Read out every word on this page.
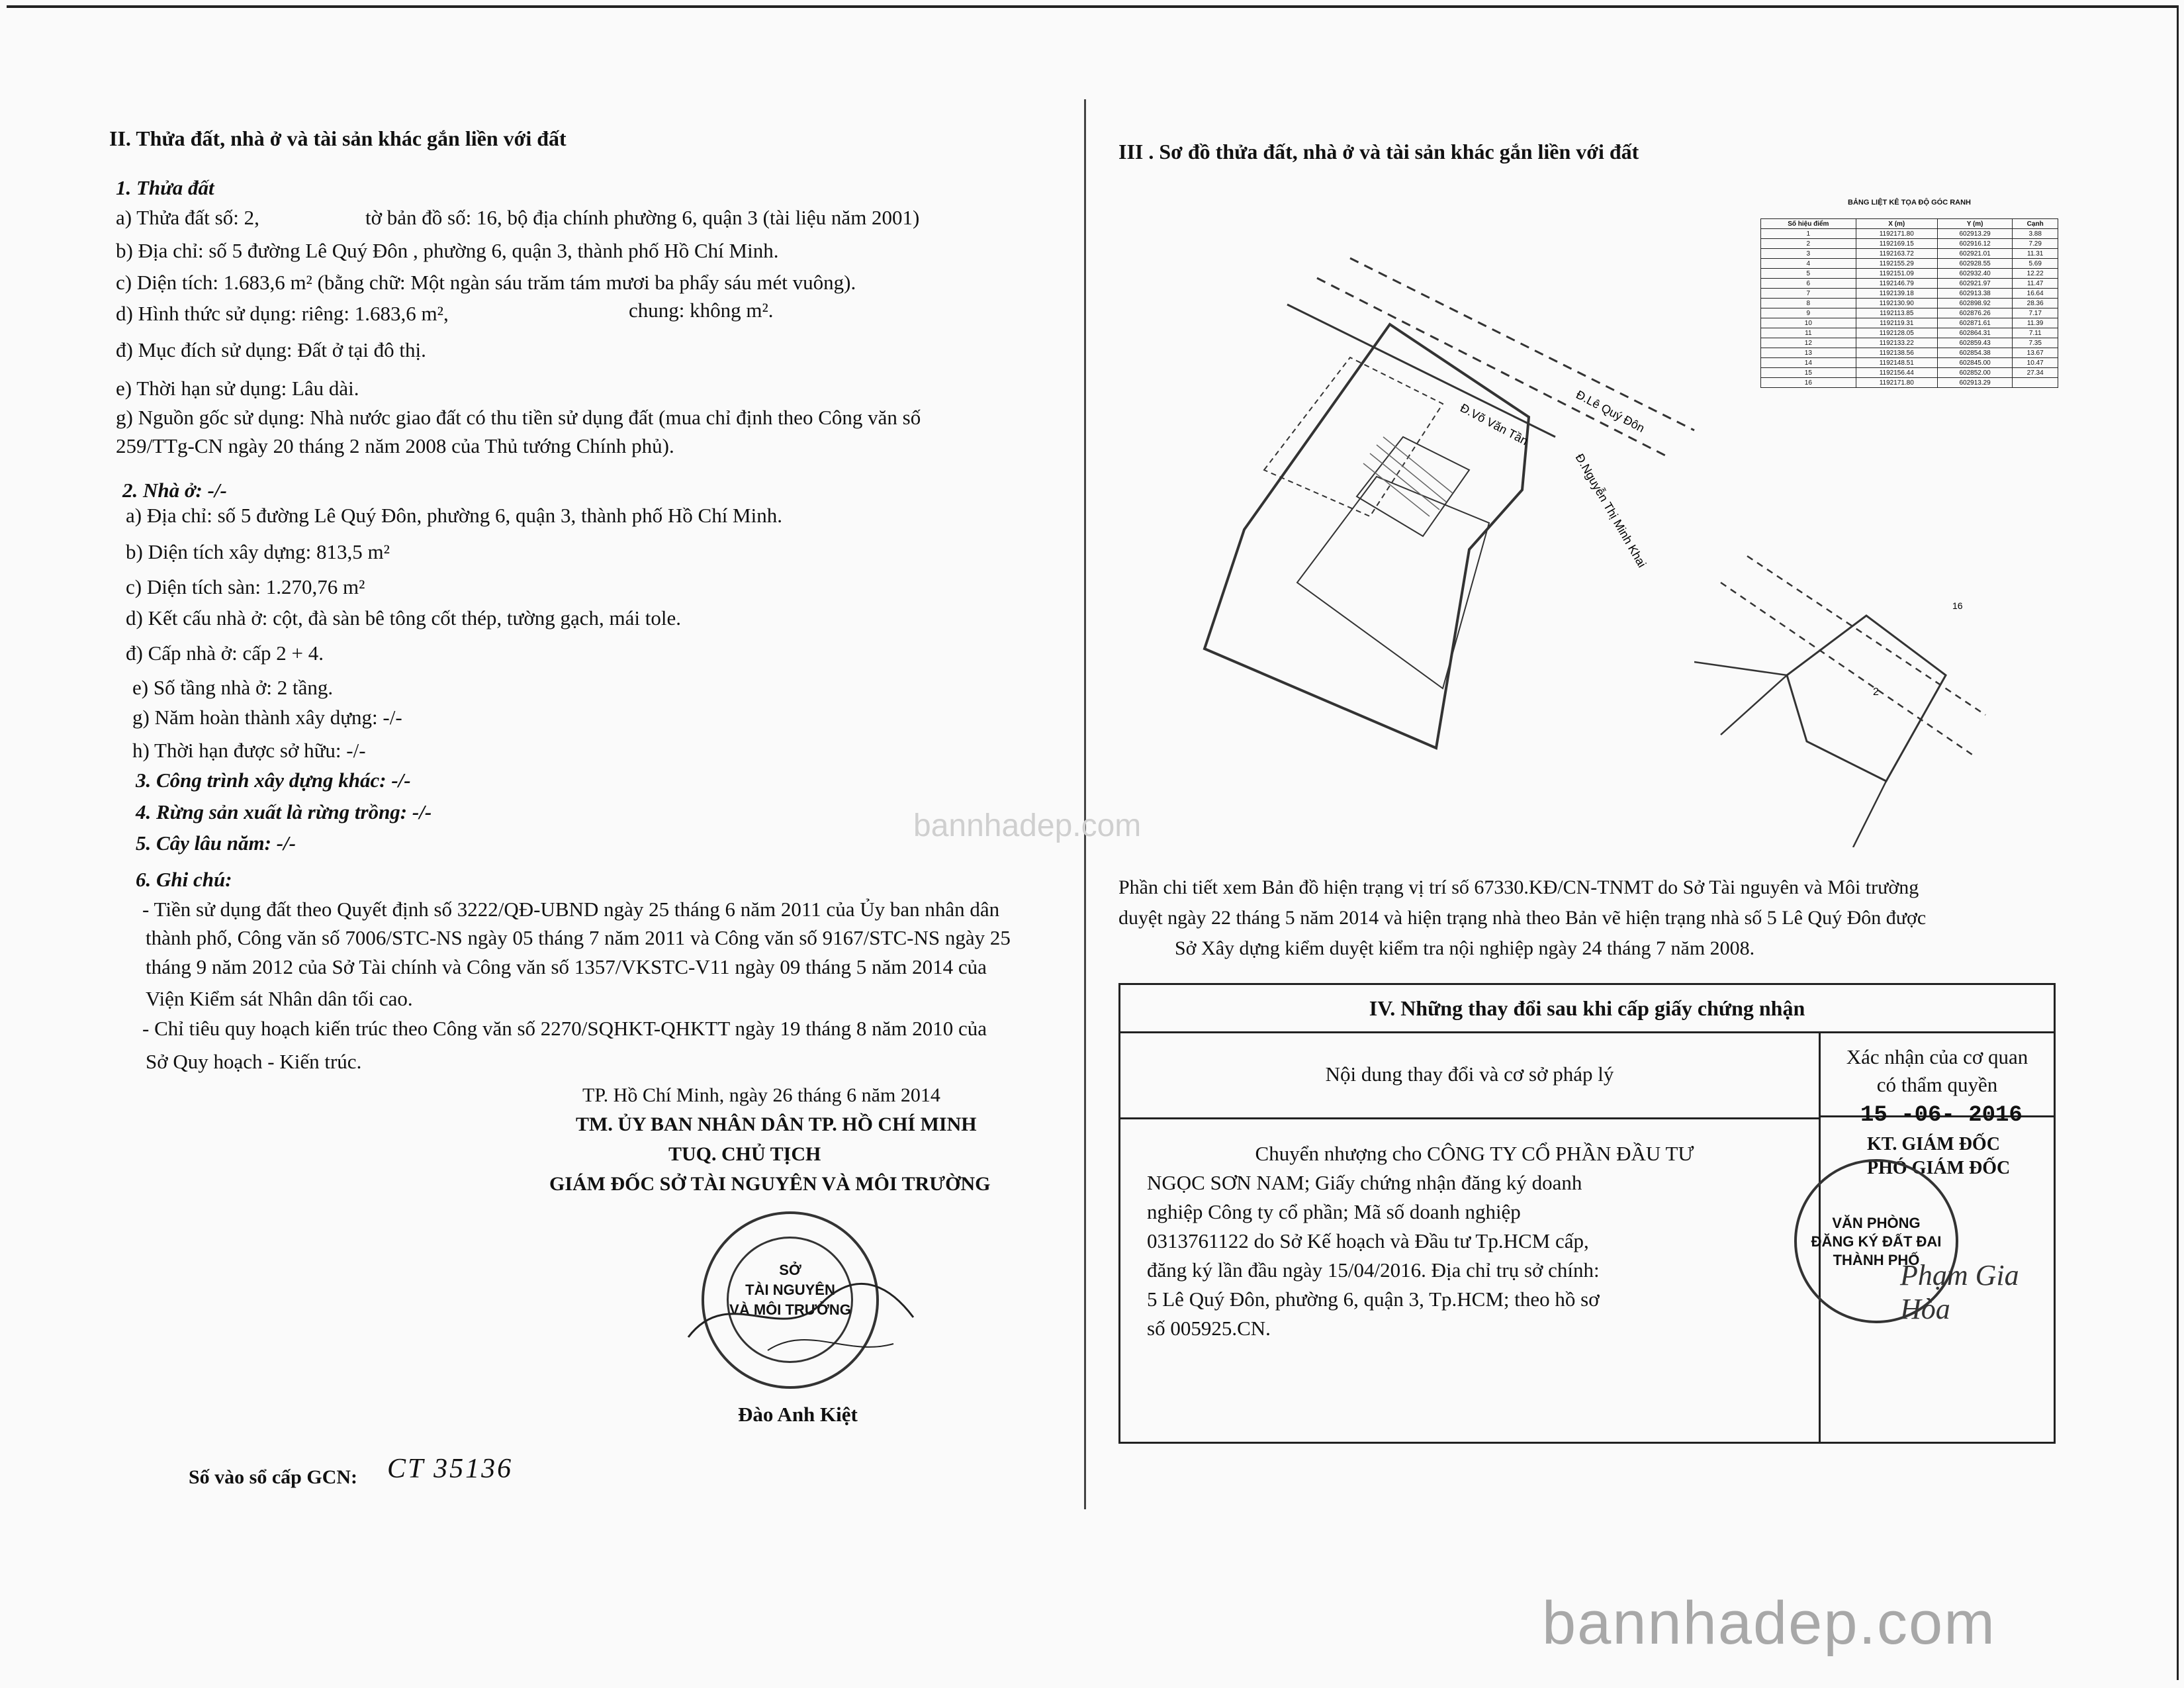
II. Thửa đất, nhà ở và tài sản khác gắn liền với đất
1. Thửa đất
a) Thửa đất số: 2,	tờ bản đồ số: 16, bộ địa chính phường 6, quận 3 (tài liệu năm 2001)
b) Địa chỉ: số 5 đường Lê Quý Đôn , phường 6, quận 3, thành phố Hồ Chí Minh.
c) Diện tích: 1.683,6 m² (bằng chữ: Một ngàn sáu trăm tám mươi ba phẩy sáu mét vuông).
d) Hình thức sử dụng: riêng: 1.683,6 m²,	chung: không m².
đ) Mục đích sử dụng: Đất ở tại đô thị.
e) Thời hạn sử dụng: Lâu dài.
g) Nguồn gốc sử dụng: Nhà nước giao đất có thu tiền sử dụng đất (mua chỉ định theo Công văn số
259/TTg-CN ngày 20 tháng 2 năm 2008 của Thủ tướng Chính phủ).
2. Nhà ở: -/-
a) Địa chỉ: số 5 đường Lê Quý Đôn, phường 6, quận 3, thành phố Hồ Chí Minh.
b) Diện tích xây dựng: 813,5 m²
c) Diện tích sàn: 1.270,76 m²
d) Kết cấu nhà ở: cột, đà sàn bê tông cốt thép, tường gạch, mái tole.
đ) Cấp nhà ở: cấp 2 + 4.
e) Số tầng nhà ở: 2 tầng.
g) Năm hoàn thành xây dựng: -/-
h) Thời hạn được sở hữu: -/-
3. Công trình xây dựng khác: -/-
4. Rừng sản xuất là rừng trồng: -/-
5. Cây lâu năm: -/-
6. Ghi chú:
- Tiền sử dụng đất theo Quyết định số 3222/QĐ-UBND ngày 25 tháng 6 năm 2011 của Ủy ban nhân dân
thành phố, Công văn số 7006/STC-NS ngày 05 tháng 7 năm 2011 và Công văn số 9167/STC-NS ngày 25
tháng 9 năm 2012 của Sở Tài chính và Công văn số 1357/VKSTC-V11 ngày 09 tháng 5 năm 2014 của
Viện Kiểm sát Nhân dân tối cao.
- Chỉ tiêu quy hoạch kiến trúc theo Công văn số 2270/SQHKT-QHKTT ngày 19 tháng 8 năm 2010 của
Sở Quy hoạch - Kiến trúc.
TP. Hồ Chí Minh, ngày 26 tháng 6 năm 2014
TM. ỦY BAN NHÂN DÂN TP. HỒ CHÍ MINH
TUQ. CHỦ TỊCH
GIÁM ĐỐC SỞ TÀI NGUYÊN VÀ MÔI TRƯỜNG
SỞ
TÀI NGUYÊN
VÀ MÔI TRƯỜNG
Đào Anh Kiệt
Số vào sổ cấp GCN: CT 35136
III . Sơ đồ thửa đất, nhà ở và tài sản khác gắn liền với đất
Đ.Võ Văn Tần	Đ.Lê Quý Đôn
Đ.Nguyễn Thị Minh Khai
2
16
BẢNG LIỆT KÊ TỌA ĐỘ GÓC RANH
Số hiệu điểm	X (m)	Y (m)	Cạnh
1	1192171.80	602913.29	3.88
2	1192169.15	602916.12	7.29
3	1192163.72	602921.01	11.31
4	1192155.29	602928.55	5.69
5	1192151.09	602932.40	12.22
6	1192146.79	602921.97	11.47
7	1192139.18	602913.38	16.64
8	1192130.90	602898.92	28.36
9	1192113.85	602876.26	7.17
10	1192119.31	602871.61	11.39
11	1192128.05	602864.31	7.11
12	1192133.22	602859.43	7.35
13	1192138.56	602854.38	13.67
14	1192148.51	602845.00	10.47
15	1192156.44	602852.00	27.34
16	1192171.80	602913.29	
Phần chi tiết xem Bản đồ hiện trạng vị trí số 67330.KĐ/CN-TNMT do Sở Tài nguyên và Môi trường
duyệt ngày 22 tháng 5 năm 2014 và hiện trạng nhà theo Bản vẽ hiện trạng nhà số 5 Lê Quý Đôn được
Sở Xây dựng kiểm duyệt kiểm tra nội nghiệp ngày 24 tháng 7 năm 2008.
IV. Những thay đổi sau khi cấp giấy chứng nhận
Nội dung thay đổi và cơ sở pháp lý
Xác nhận của cơ quan
có thẩm quyền
Chuyển nhượng cho CÔNG TY CỔ PHẦN ĐẦU TƯ
NGỌC SƠN NAM; Giấy chứng nhận đăng ký doanh
nghiệp Công ty cổ phần; Mã số doanh nghiệp
0313761122 do Sở Kế hoạch và Đầu tư Tp.HCM cấp,
đăng ký lần đầu ngày 15/04/2016. Địa chỉ trụ sở chính:
5 Lê Quý Đôn, phường 6, quận 3, Tp.HCM; theo hồ sơ
số 005925.CN.
15 -06- 2016
KT. GIÁM ĐỐC
PHÓ GIÁM ĐỐC
VĂN PHÒNG
ĐĂNG KÝ ĐẤT ĐAI
THÀNH PHỐ
Phạm Gia Hòa
bannhadep.com
bannhadep.com
